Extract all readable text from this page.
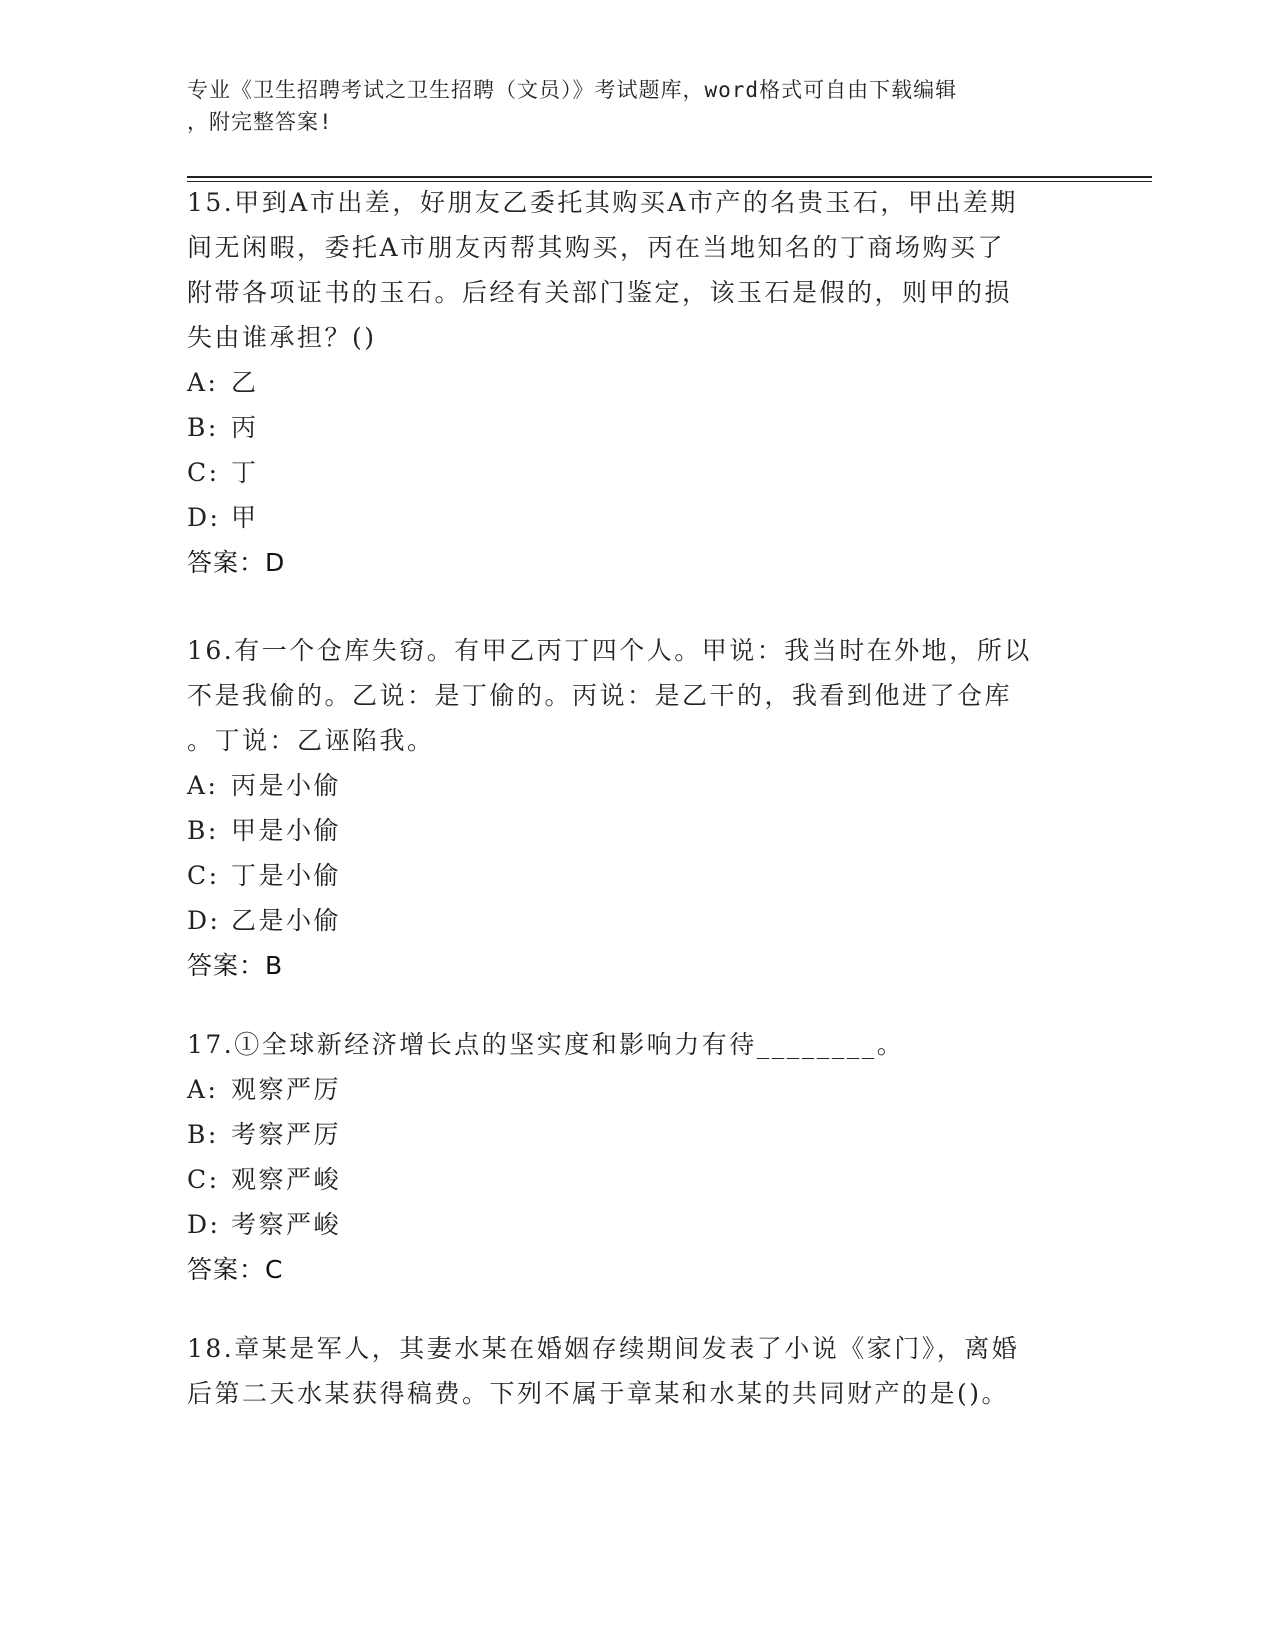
专业《卫生招聘考试之卫生招聘（文员）》考试题库，word格式可自由下载编辑
，附完整答案!

15.甲到A市出差，好朋友乙委托其购买A市产的名贵玉石，甲出差期
间无闲暇，委托A市朋友丙帮其购买，丙在当地知名的丁商场购买了
附带各项证书的玉石。后经有关部门鉴定，该玉石是假的，则甲的损
失由谁承担？()

A: 乙

B: 丙

C: 丁

D: 甲

答案：D

16.有一个仓库失窃。有甲乙丙丁四个人。甲说：我当时在外地，所以
不是我偷的。乙说：是丁偷的。丙说：是乙干的，我看到他进了仓库
。丁说：乙诬陷我。

A: 丙是小偷

B: 甲是小偷

C: 丁是小偷

D: 乙是小偷

答案：B

17.①全球新经济增长点的坚实度和影响力有待________。

A: 观察严厉

B: 考察严厉

C: 观察严峻

D: 考察严峻

答案：C

18.章某是军人，其妻水某在婚姻存续期间发表了小说《家门》，离婚
后第二天水某获得稿费。下列不属于章某和水某的共同财产的是()。
